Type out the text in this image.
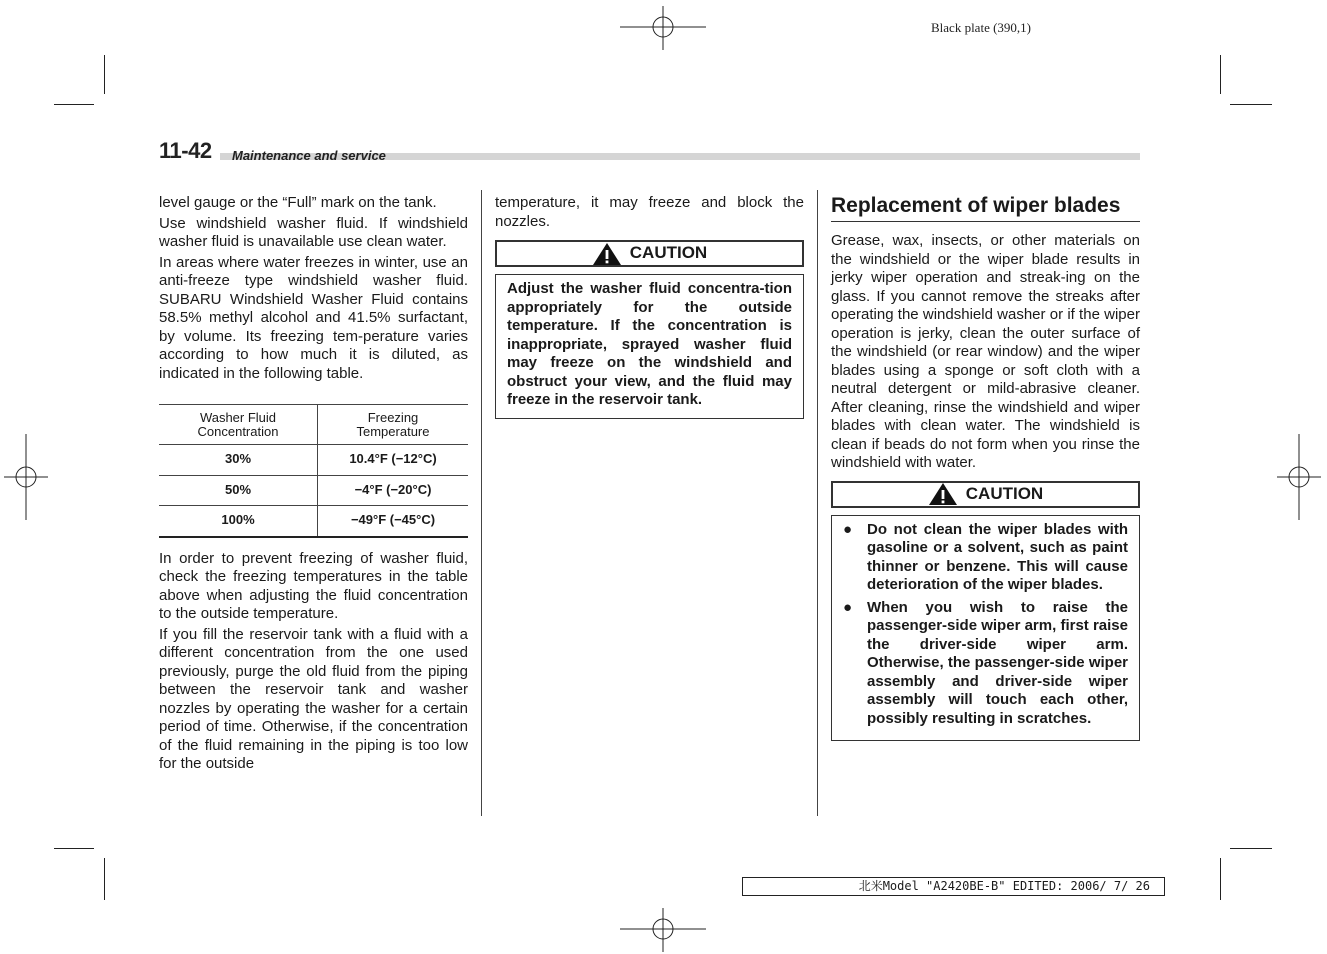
Black plate (390,1)
11-42 Maintenance and service

level gauge or the “Full” mark on the tank.

Use windshield washer fluid. If windshield washer fluid is unavailable use clean water.

In areas where water freezes in winter, use an anti-freeze type windshield washer fluid. SUBARU Windshield Washer Fluid contains 58.5% methyl alcohol and 41.5% surfactant, by volume. Its freezing tem-perature varies according to how much it is diluted, as indicated in the following table.

Washer Fluid
Concentration	Freezing
Temperature
30%	10.4°F (−12°C)
50%	−4°F (−20°C)
100%	−49°F (−45°C)

In order to prevent freezing of washer fluid, check the freezing temperatures in the table above when adjusting the fluid concentration to the outside temperature.

If you fill the reservoir tank with a fluid with a different concentration from the one used previously, purge the old fluid from the piping between the reservoir tank and washer nozzles by operating the washer for a certain period of time. Otherwise, if the concentration of the fluid remaining in the piping is too low for the outside

temperature, it may freeze and block the nozzles.

CAUTION
Adjust the washer fluid concentra-tion appropriately for the outside temperature. If the concentration is inappropriate, sprayed washer fluid may freeze on the windshield and obstruct your view, and the fluid may freeze in the reservoir tank.
Replacement of wiper blades

Grease, wax, insects, or other materials on the windshield or the wiper blade results in jerky wiper operation and streak-ing on the glass. If you cannot remove the streaks after operating the windshield washer or if the wiper operation is jerky, clean the outer surface of the windshield (or rear window) and the wiper blades using a sponge or soft cloth with a neutral detergent or mild-abrasive cleaner. After cleaning, rinse the windshield and wiper blades with clean water. The windshield is clean if beads do not form when you rinse the windshield with water.

CAUTION
● Do not clean the wiper blades with gasoline or a solvent, such as paint thinner or benzene. This will cause deterioration of the wiper blades.
● When you wish to raise the passenger-side wiper arm, first raise the driver-side wiper arm. Otherwise, the passenger-side wiper assembly and driver-side wiper assembly will touch each other, possibly resulting in scratches.
北米Model "A2420BE-B" EDITED: 2006/ 7/ 26
